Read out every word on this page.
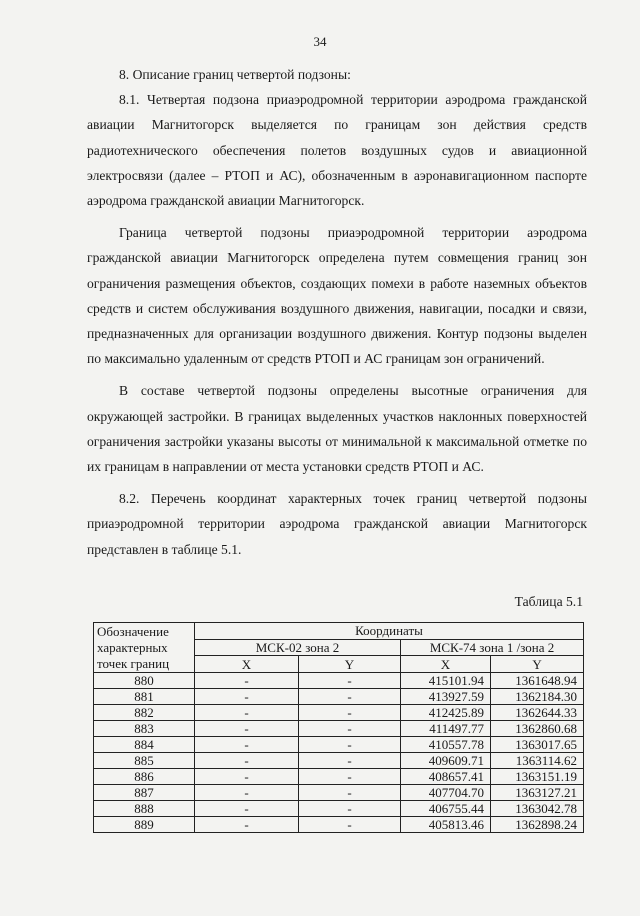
34

8. Описание границ четвертой подзоны:

8.1. Четвертая подзона приаэродромной территории аэродрома гражданской авиации Магнитогорск выделяется по границам зон действия средств радиотехнического обеспечения полетов воздушных судов и авиационной электросвязи (далее – РТОП и АС), обозначенным в аэронавигационном паспорте аэродрома гражданской авиации Магнитогорск.

Граница четвертой подзоны приаэродромной территории аэродрома гражданской авиации Магнитогорск определена путем совмещения границ зон ограничения размещения объектов, создающих помехи в работе наземных объектов средств и систем обслуживания воздушного движения, навигации, посадки и связи, предназначенных для организации воздушного движения. Контур подзоны выделен по максимально удаленным от средств РТОП и АС границам зон ограничений.

В составе четвертой подзоны определены высотные ограничения для окружающей застройки. В границах выделенных участков наклонных поверхностей ограничения застройки указаны высоты от минимальной к максимальной отметке по их границам в направлении от места установки средств РТОП и АС.

8.2. Перечень координат характерных точек границ четвертой подзоны приаэродромной территории аэродрома гражданской авиации Магнитогорск представлен в таблице 5.1.

Таблица 5.1
Обозначение характерных точек границ	Координаты			
	МСК-02 зона 2		МСК-74 зона 1 /зона 2	
	X	Y	X	Y
880	-	-	415101.94	1361648.94
881	-	-	413927.59	1362184.30
882	-	-	412425.89	1362644.33
883	-	-	411497.77	1362860.68
884	-	-	410557.78	1363017.65
885	-	-	409609.71	1363114.62
886	-	-	408657.41	1363151.19
887	-	-	407704.70	1363127.21
888	-	-	406755.44	1363042.78
889	-	-	405813.46	1362898.24
